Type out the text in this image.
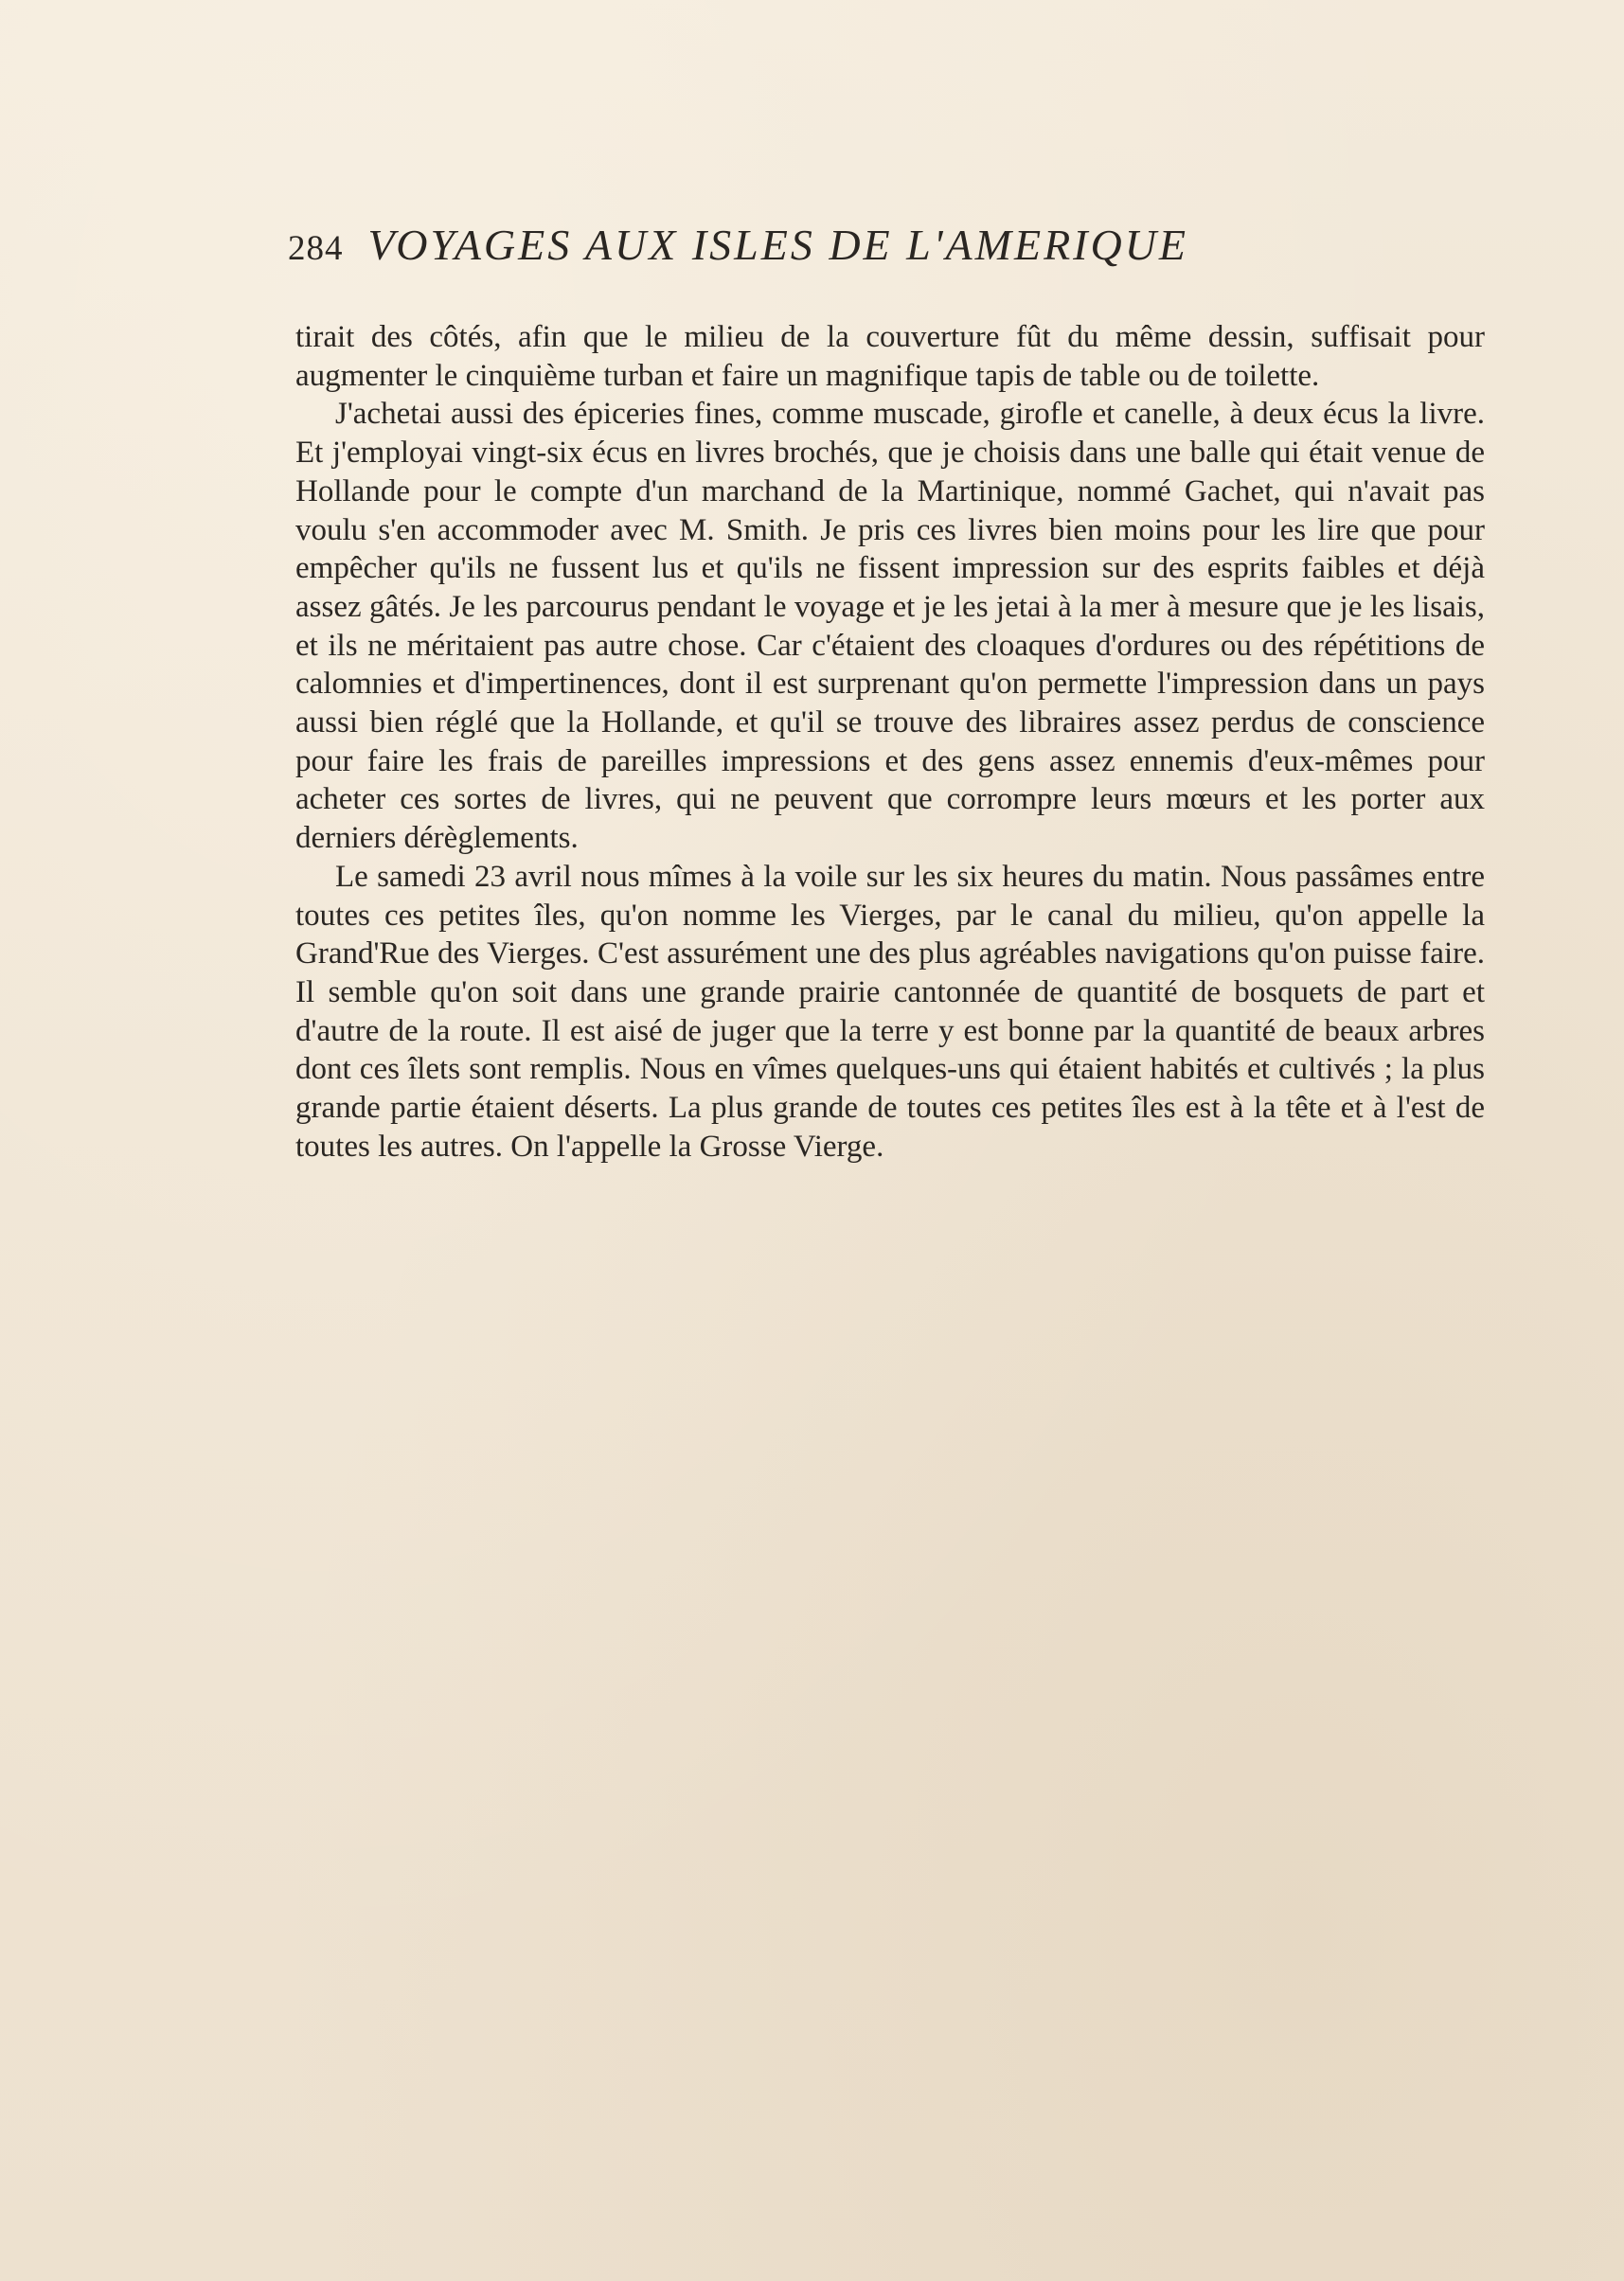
284 VOYAGES AUX ISLES DE L'AMERIQUE

tirait des côtés, afin que le milieu de la couverture fût du même dessin, suffisait pour augmenter le cinquième turban et faire un magnifique tapis de table ou de toilette.

J'achetai aussi des épiceries fines, comme muscade, girofle et canelle, à deux écus la livre. Et j'employai vingt-six écus en livres brochés, que je choisis dans une balle qui était venue de Hollande pour le compte d'un marchand de la Martinique, nommé Gachet, qui n'avait pas voulu s'en accommoder avec M. Smith. Je pris ces livres bien moins pour les lire que pour empêcher qu'ils ne fussent lus et qu'ils ne fissent impression sur des esprits faibles et déjà assez gâtés. Je les parcourus pendant le voyage et je les jetai à la mer à mesure que je les lisais, et ils ne méritaient pas autre chose. Car c'étaient des cloaques d'ordures ou des répétitions de calomnies et d'impertinences, dont il est surprenant qu'on permette l'impression dans un pays aussi bien réglé que la Hollande, et qu'il se trouve des libraires assez perdus de conscience pour faire les frais de pareilles impressions et des gens assez ennemis d'eux-mêmes pour acheter ces sortes de livres, qui ne peuvent que corrompre leurs mœurs et les porter aux derniers dérèglements.

Le samedi 23 avril nous mîmes à la voile sur les six heures du matin. Nous passâmes entre toutes ces petites îles, qu'on nomme les Vierges, par le canal du milieu, qu'on appelle la Grand'Rue des Vierges. C'est assurément une des plus agréables navigations qu'on puisse faire. Il semble qu'on soit dans une grande prairie cantonnée de quantité de bosquets de part et d'autre de la route. Il est aisé de juger que la terre y est bonne par la quantité de beaux arbres dont ces îlets sont remplis. Nous en vîmes quelques-uns qui étaient habités et cultivés ; la plus grande partie étaient déserts. La plus grande de toutes ces petites îles est à la tête et à l'est de toutes les autres. On l'appelle la Grosse Vierge.
